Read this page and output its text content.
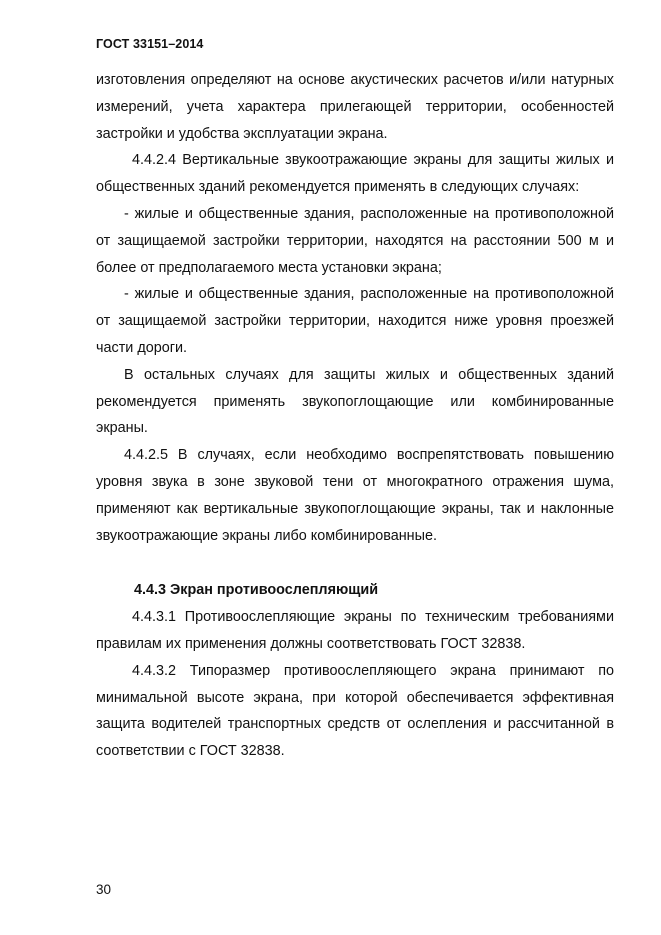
ГОСТ 33151–2014

изготовления определяют на основе акустических расчетов и/или натурных измерений, учета характера прилегающей территории, особенностей застройки и удобства эксплуатации экрана.

4.4.2.4 Вертикальные звукоотражающие экраны для защиты жилых и общественных зданий рекомендуется применять в следующих случаях:

- жилые и общественные здания, расположенные на противоположной от защищаемой застройки территории, находятся на расстоянии 500 м и более от предполагаемого места установки экрана;

- жилые и общественные здания, расположенные на противоположной от защищаемой застройки территории, находится ниже уровня проезжей части дороги.

В остальных случаях для защиты жилых и общественных зданий рекомендуется применять звукопоглощающие или комбинированные экраны.

4.4.2.5 В случаях, если необходимо воспрепятствовать повышению уровня звука в зоне звуковой тени от многократного отражения шума, применяют как вертикальные звукопоглощающие экраны, так и наклонные звукоотражающие экраны либо комбинированные.

4.4.3 Экран противоослепляющий

4.4.3.1 Противоослепляющие экраны по техническим требованиями правилам их применения должны соответствовать ГОСТ 32838.

4.4.3.2 Типоразмер противоослепляющего экрана принимают по минимальной высоте экрана, при которой обеспечивается эффективная защита водителей транспортных средств от ослепления и рассчитанной в соответствии с ГОСТ 32838.

30
